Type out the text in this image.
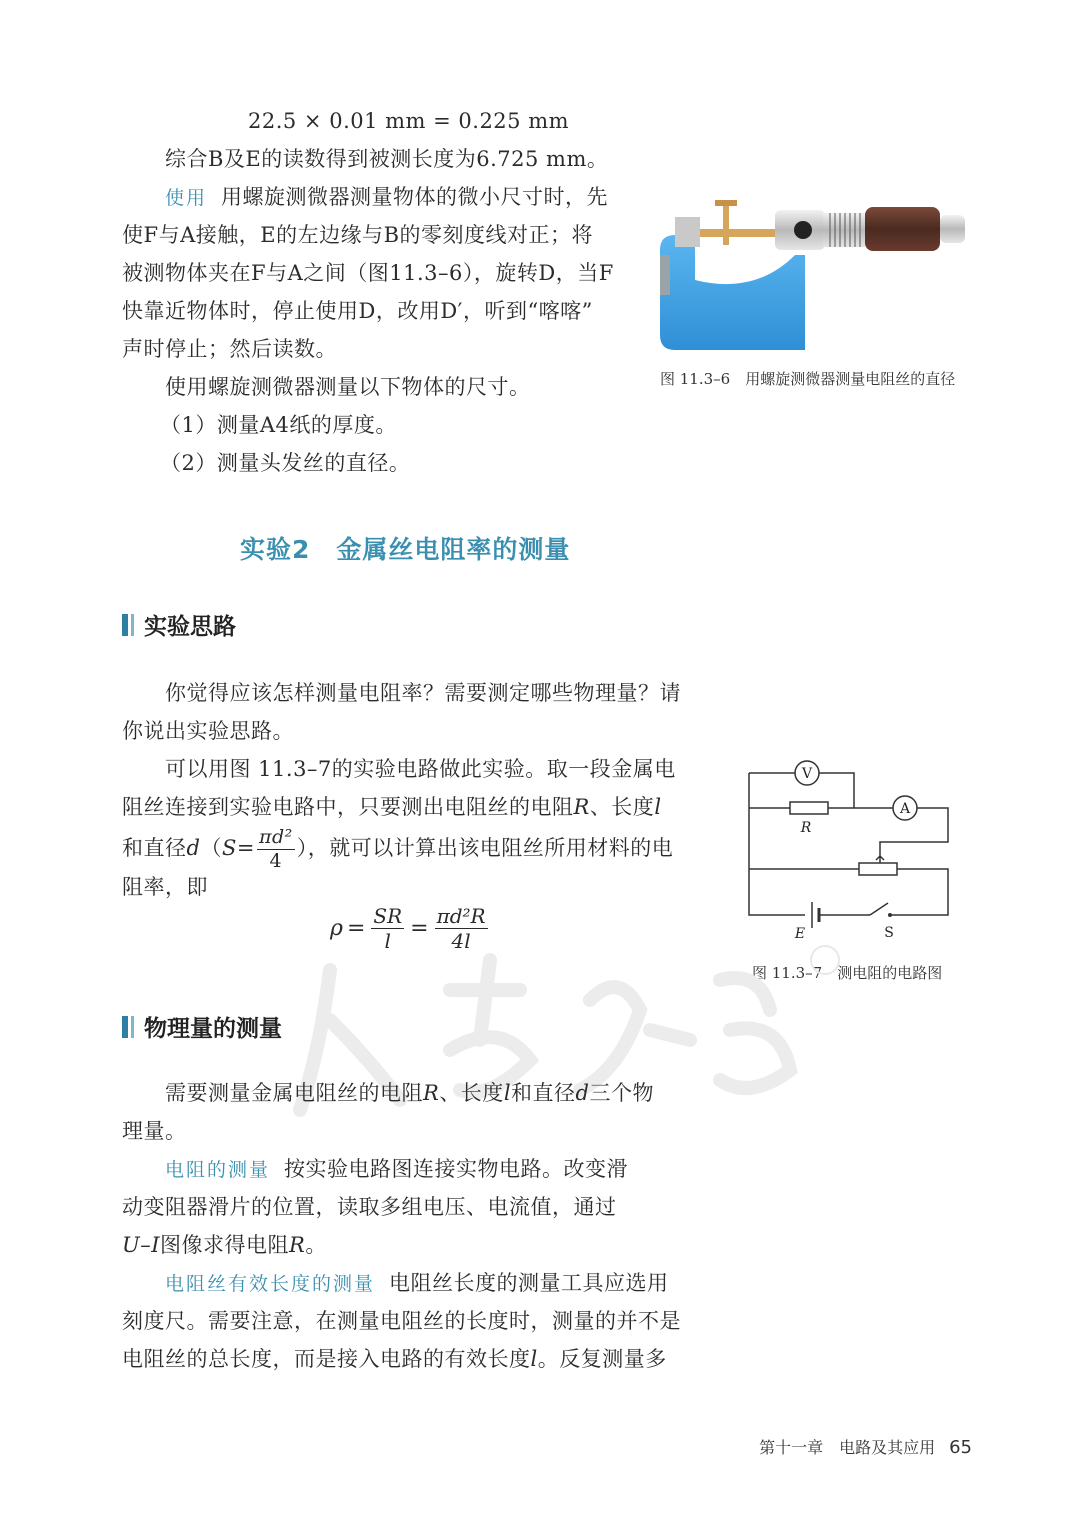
22.5 × 0.01 mm = 0.225 mm
综合B及E的读数得到被测长度为6.725 mm。
使用 用螺旋测微器测量物体的微小尺寸时，先
使F与A接触，E的左边缘与B的零刻度线对正；将
被测物体夹在F与A之间（图11.3–6），旋转D，当F
快靠近物体时，停止使用D，改用D′，听到“喀喀”
声时停止；然后读数。
使用螺旋测微器测量以下物体的尺寸。
（1）测量A4纸的厚度。
（2）测量头发丝的直径。
图 11.3–6　用螺旋测微器测量电阻丝的直径
实验2　金属丝电阻率的测量
实验思路
你觉得应该怎样测量电阻率？需要测定哪些物理量？请
你说出实验思路。
可以用图 11.3–7的实验电路做此实验。取一段金属电
阻丝连接到实验电路中，只要测出电阻丝的电阻R、长度l
和直径$d(S= \frac{\text{πd²}}{4}$ ），就可以计算出该电阻丝所用材料的电
阻率，即
$\rho = \frac{SR}{l} = \frac{\text{πd²R}}{4l}$
V
A
R
E	S
图 11.3–7　测电阻的电路图
物理量的测量
需要测量金属电阻丝的电阻R、长度l和直径d三个物
理量。
电阻的测量 按实验电路图连接实物电路。改变滑
动变阻器滑片的位置，读取多组电压、电流值，通过
U–I图像求得电阻R。
电阻丝有效长度的测量 电阻丝长度的测量工具应选用
刻度尺。需要注意，在测量电阻丝的长度时，测量的并不是
电阻丝的总长度，而是接入电路的有效长度l。反复测量多
第十一章　电路及其应用 65
